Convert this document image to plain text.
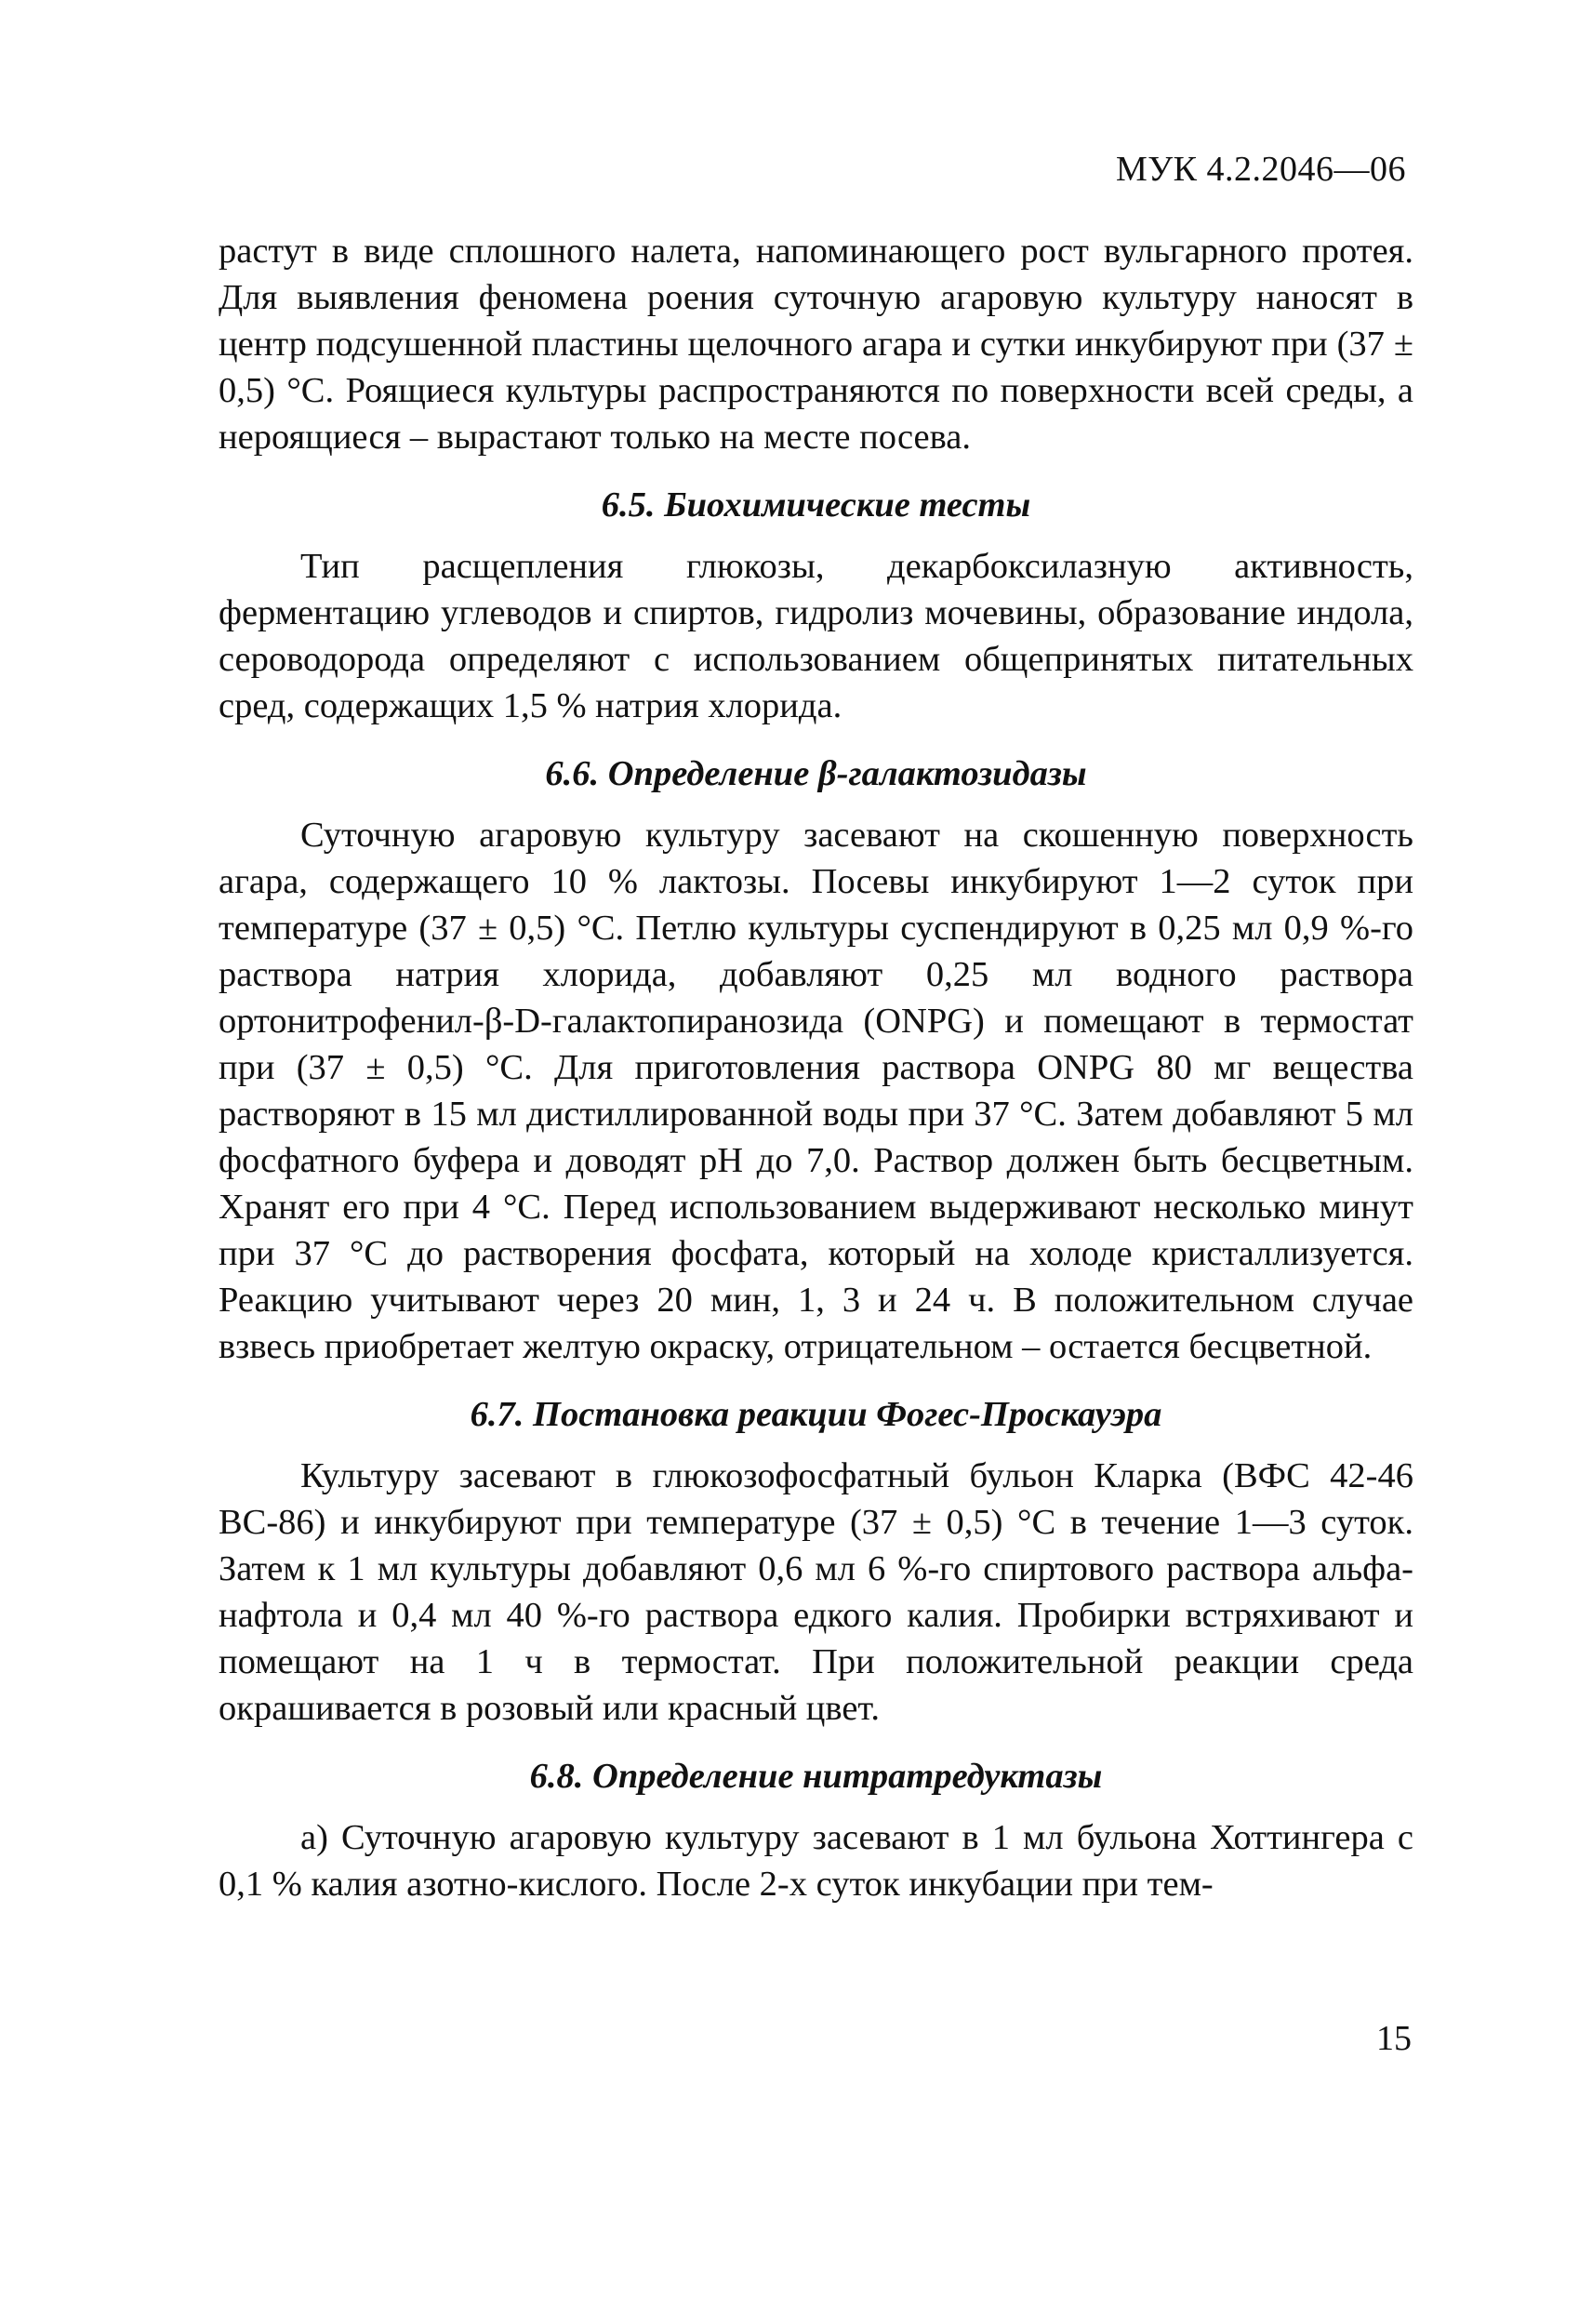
МУК 4.2.2046—06

растут в виде сплошного налета, напоминающего рост вульгарного протея. Для выявления феномена роения суточную агаровую культуру наносят в центр подсушенной пластины щелочного агара и сутки инкубируют при (37 ± 0,5) °С. Роящиеся культуры распространяются по поверхности всей среды, а нероящиеся – вырастают только на месте посева.

6.5. Биохимические тесты

Тип расщепления глюкозы, декарбоксилазную активность, ферментацию углеводов и спиртов, гидролиз мочевины, образование индола, сероводорода определяют с использованием общепринятых питательных сред, содержащих 1,5 % натрия хлорида.

6.6. Определение β-галактозидазы

Суточную агаровую культуру засевают на скошенную поверхность агара, содержащего 10 % лактозы. Посевы инкубируют 1—2 суток при температуре (37 ± 0,5) °С. Петлю культуры суспендируют в 0,25 мл 0,9 %-го раствора натрия хлорида, добавляют 0,25 мл водного раствора ортонитрофенил-β-D-галактопиранозида (ONPG) и помещают в термостат при (37 ± 0,5) °С. Для приготовления раствора ONPG 80 мг вещества растворяют в 15 мл дистиллированной воды при 37 °С. Затем добавляют 5 мл фосфатного буфера и доводят pH до 7,0. Раствор должен быть бесцветным. Хранят его при 4 °С. Перед использованием выдерживают несколько минут при 37 °С до растворения фосфата, который на холоде кристаллизуется. Реакцию учитывают через 20 мин, 1, 3 и 24 ч. В положительном случае взвесь приобретает желтую окраску, отрицательном – остается бесцветной.

6.7. Постановка реакции Фогес-Проскауэра

Культуру засевают в глюкозофосфатный бульон Кларка (ВФС 42-46 ВС-86) и инкубируют при температуре (37 ± 0,5) °С в течение 1—3 суток. Затем к 1 мл культуры добавляют 0,6 мл 6 %-го спиртового раствора альфа-нафтола и 0,4 мл 40 %-го раствора едкого калия. Пробирки встряхивают и помещают на 1 ч в термостат. При положительной реакции среда окрашивается в розовый или красный цвет.

6.8. Определение нитратредуктазы

а) Суточную агаровую культуру засевают в 1 мл бульона Хоттингера с 0,1 % калия азотно-кислого. После 2-х суток инкубации при тем-

15
